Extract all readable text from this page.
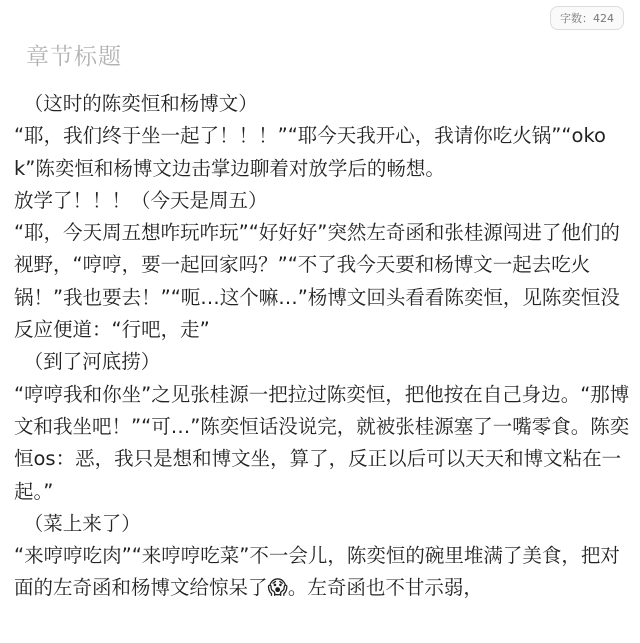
字数：424
章节标题

　（这时的陈奕恒和杨博文）

“耶，我们终于坐一起了！！！”“耶今天我开心，我请你吃火锅”“okok”陈奕恒和杨博文边击掌边聊着对放学后的畅想。

放学了！！！（今天是周五）

“耶，今天周五想咋玩咋玩”“好好好”突然左奇函和张桂源闯进了他们的视野，“哼哼，要一起回家吗？”“不了我今天要和杨博文一起去吃火锅！”我也要去！”“呃…这个嘛…”杨博文回头看看陈奕恒，见陈奕恒没反应便道：“行吧，走”

　（到了河底捞）

“哼哼我和你坐”之见张桂源一把拉过陈奕恒，把他按在自己身边。“那博文和我坐吧！”“可…”陈奕恒话没说完，就被张桂源塞了一嘴零食。陈奕恒os：恶，我只是想和博文坐，算了，反正以后可以天天和博文粘在一起。”

　（菜上来了）

“来哼哼吃肉”“来哼哼吃菜”不一会儿，陈奕恒的碗里堆满了美食，把对面的左奇函和杨博文给惊呆了😱。左奇函也不甘示弱，
